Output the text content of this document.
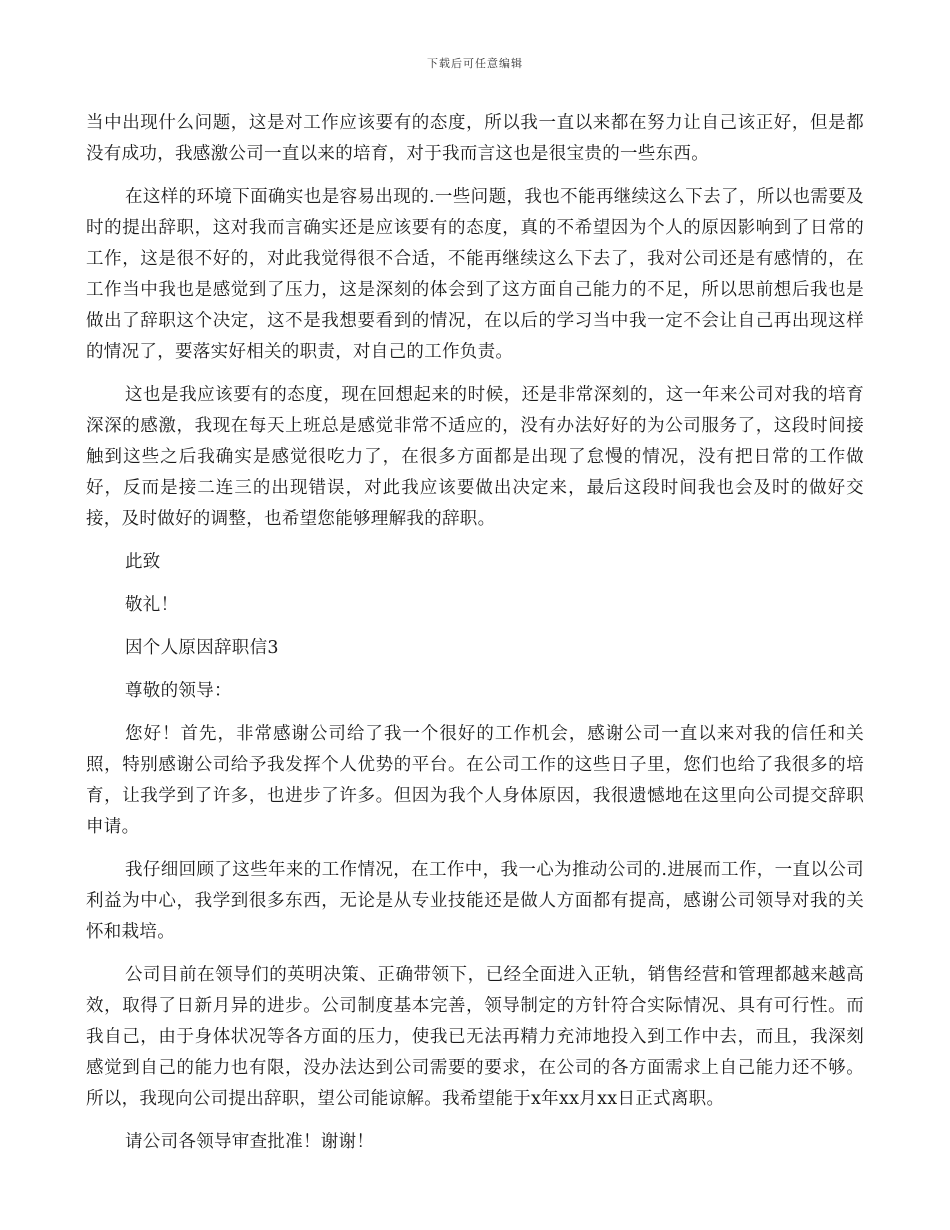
下载后可任意编辑

当中出现什么问题，这是对工作应该要有的态度，所以我一直以来都在努力让自己该正好，但是都没有成功，我感激公司一直以来的培育，对于我而言这也是很宝贵的一些东西。

在这样的环境下面确实也是容易出现的.一些问题，我也不能再继续这么下去了，所以也需要及时的提出辞职，这对我而言确实还是应该要有的态度，真的不希望因为个人的原因影响到了日常的工作，这是很不好的，对此我觉得很不合适，不能再继续这么下去了，我对公司还是有感情的，在工作当中我也是感觉到了压力，这是深刻的体会到了这方面自己能力的不足，所以思前想后我也是做出了辞职这个决定，这不是我想要看到的情况，在以后的学习当中我一定不会让自己再出现这样的情况了，要落实好相关的职责，对自己的工作负责。

这也是我应该要有的态度，现在回想起来的时候，还是非常深刻的，这一年来公司对我的培育深深的感激，我现在每天上班总是感觉非常不适应的，没有办法好好的为公司服务了，这段时间接触到这些之后我确实是感觉很吃力了，在很多方面都是出现了怠慢的情况，没有把日常的工作做好，反而是接二连三的出现错误，对此我应该要做出决定来，最后这段时间我也会及时的做好交接，及时做好的调整，也希望您能够理解我的辞职。

此致

敬礼！

因个人原因辞职信3

尊敬的领导：

您好！首先，非常感谢公司给了我一个很好的工作机会，感谢公司一直以来对我的信任和关照，特别感谢公司给予我发挥个人优势的平台。在公司工作的这些日子里，您们也给了我很多的培育，让我学到了许多，也进步了许多。但因为我个人身体原因，我很遗憾地在这里向公司提交辞职申请。

我仔细回顾了这些年来的工作情况，在工作中，我一心为推动公司的.进展而工作，一直以公司利益为中心，我学到很多东西，无论是从专业技能还是做人方面都有提高，感谢公司领导对我的关怀和栽培。

公司目前在领导们的英明决策、正确带领下，已经全面进入正轨，销售经营和管理都越来越高效，取得了日新月异的进步。公司制度基本完善，领导制定的方针符合实际情况、具有可行性。而我自己，由于身体状况等各方面的压力，使我已无法再精力充沛地投入到工作中去，而且，我深刻感觉到自己的能力也有限，没办法达到公司需要的要求，在公司的各方面需求上自己能力还不够。所以，我现向公司提出辞职，望公司能谅解。我希望能于x年xx月xx日正式离职。

请公司各领导审查批准！谢谢！
